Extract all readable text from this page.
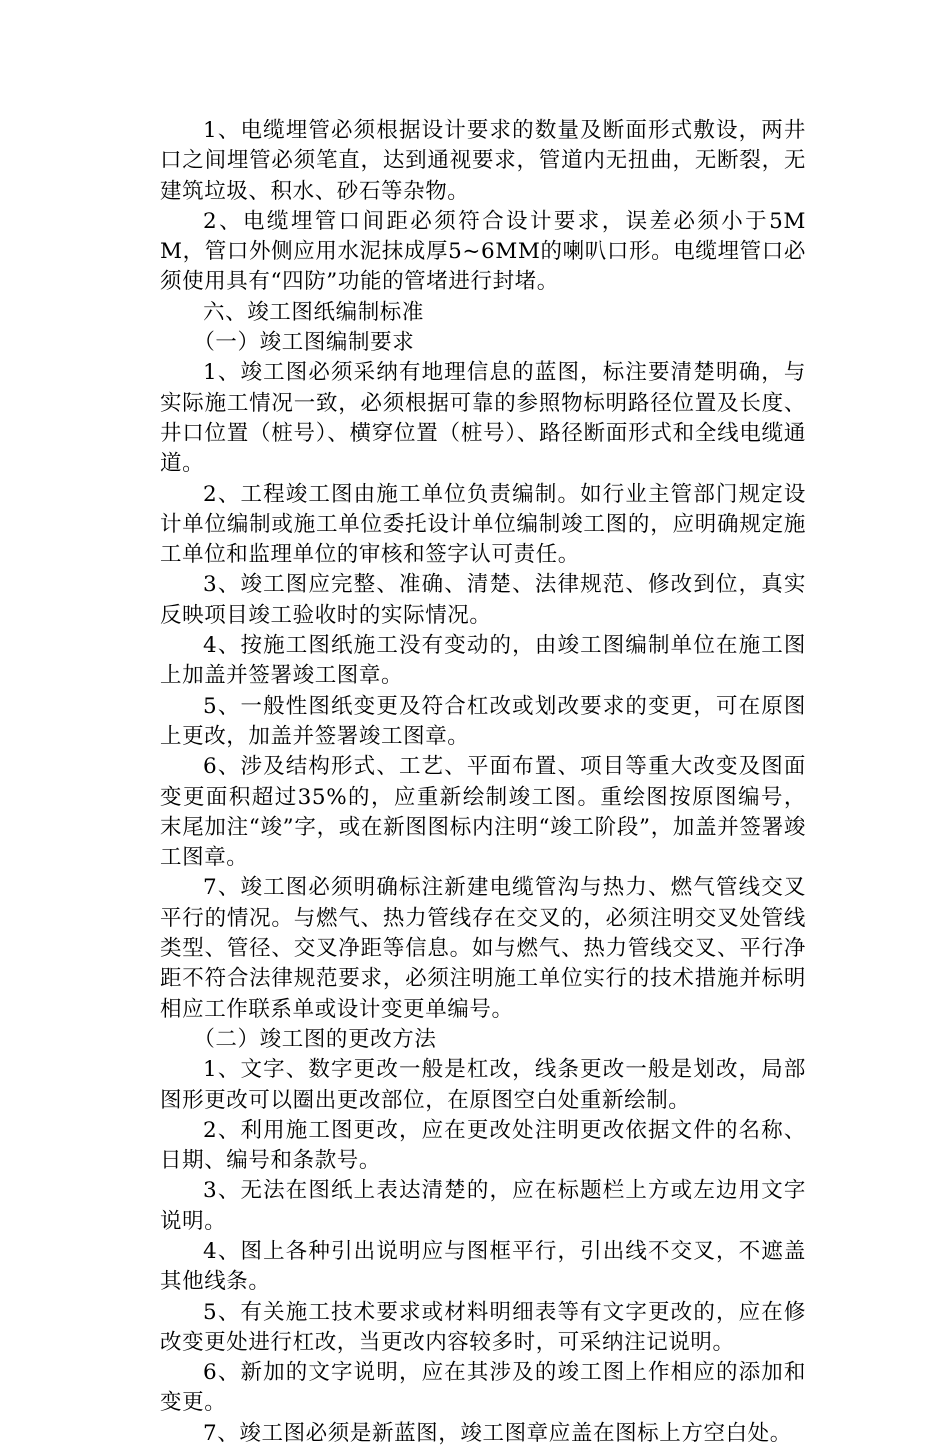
1、电缆埋管必须根据设计要求的数量及断面形式敷设，两井口之间埋管必须笔直，达到通视要求，管道内无扭曲，无断裂，无建筑垃圾、积水、砂石等杂物。

2、电缆埋管口间距必须符合设计要求，误差必须小于5MM，管口外侧应用水泥抹成厚5~6MM的喇叭口形。电缆埋管口必须使用具有“四防”功能的管堵进行封堵。

六、竣工图纸编制标准

（一）竣工图编制要求

1、竣工图必须采纳有地理信息的蓝图，标注要清楚明确，与实际施工情况一致，必须根据可靠的参照物标明路径位置及长度、井口位置（桩号）、横穿位置（桩号）、路径断面形式和全线电缆通道。

2、工程竣工图由施工单位负责编制。如行业主管部门规定设计单位编制或施工单位委托设计单位编制竣工图的，应明确规定施工单位和监理单位的审核和签字认可责任。

3、竣工图应完整、准确、清楚、法律规范、修改到位，真实反映项目竣工验收时的实际情况。

4、按施工图纸施工没有变动的，由竣工图编制单位在施工图上加盖并签署竣工图章。

5、一般性图纸变更及符合杠改或划改要求的变更，可在原图上更改，加盖并签署竣工图章。

6、涉及结构形式、工艺、平面布置、项目等重大改变及图面变更面积超过35%的，应重新绘制竣工图。重绘图按原图编号，末尾加注“竣”字，或在新图图标内注明“竣工阶段”，加盖并签署竣工图章。

7、竣工图必须明确标注新建电缆管沟与热力、燃气管线交叉平行的情况。与燃气、热力管线存在交叉的，必须注明交叉处管线类型、管径、交叉净距等信息。如与燃气、热力管线交叉、平行净距不符合法律规范要求，必须注明施工单位实行的技术措施并标明相应工作联系单或设计变更单编号。

（二）竣工图的更改方法

1、文字、数字更改一般是杠改，线条更改一般是划改，局部图形更改可以圈出更改部位，在原图空白处重新绘制。

2、利用施工图更改，应在更改处注明更改依据文件的名称、日期、编号和条款号。

3、无法在图纸上表达清楚的，应在标题栏上方或左边用文字说明。

4、图上各种引出说明应与图框平行，引出线不交叉，不遮盖其他线条。

5、有关施工技术要求或材料明细表等有文字更改的，应在修改变更处进行杠改，当更改内容较多时，可采纳注记说明。

6、新加的文字说明，应在其涉及的竣工图上作相应的添加和变更。

7、竣工图必须是新蓝图，竣工图章应盖在图标上方空白处。
